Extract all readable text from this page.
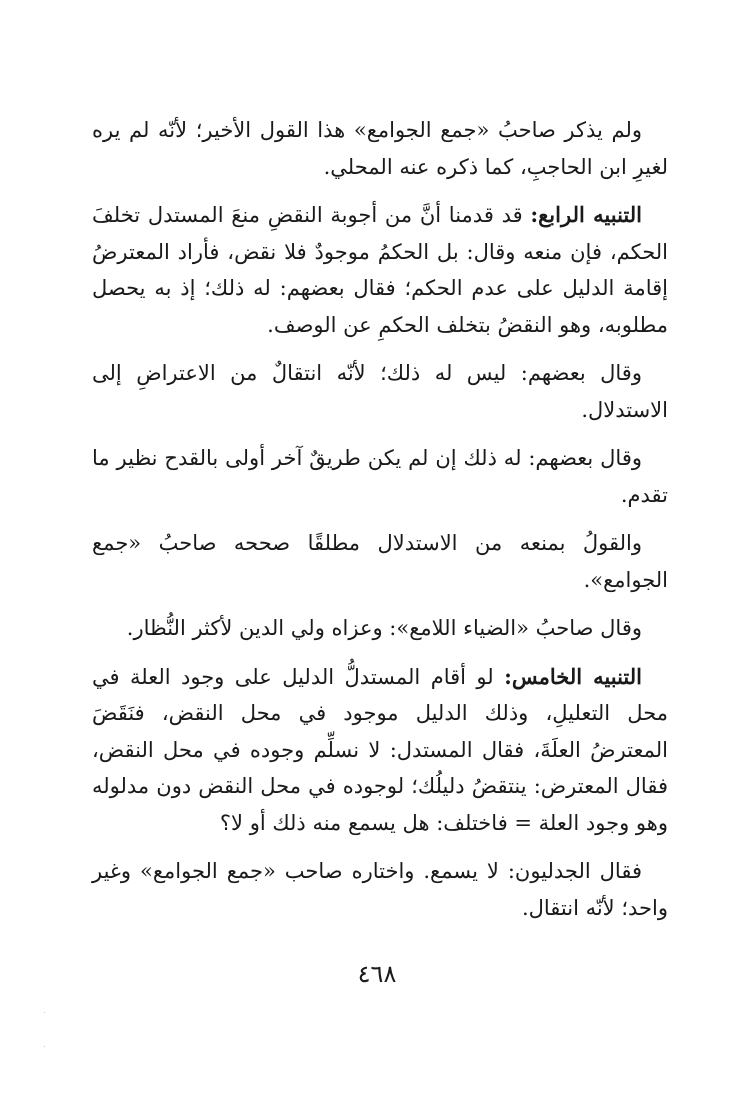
ولم يذكر صاحبُ «جمع الجوامع» هذا القول الأخير؛ لأنّه لم يره لغيرِ ابن الحاجبِ، كما ذكره عنه المحلي.

التنبيه الرابع: قد قدمنا أنَّ من أجوبة النقضِ منعَ المستدل تخلفَ الحكم، فإن منعه وقال: بل الحكمُ موجودٌ فلا نقض، فأراد المعترضُ إقامة الدليل على عدم الحكم؛ فقال بعضهم: له ذلك؛ إذ به يحصل مطلوبه، وهو النقضُ بتخلف الحكمِ عن الوصف.

وقال بعضهم: ليس له ذلك؛ لأنّه انتقالٌ من الاعتراضِ إلى الاستدلال.

وقال بعضهم: له ذلك إن لم يكن طريقٌ آخر أولى بالقدح نظير ما تقدم.

والقولُ بمنعه من الاستدلال مطلقًا صححه صاحبُ «جمع الجوامع».

وقال صاحبُ «الضياء اللامع»: وعزاه ولي الدين لأكثر النُّظار.

التنبيه الخامس: لو أقام المستدلُّ الدليل على وجود العلة في محل التعليلِ، وذلك الدليل موجود في محل النقض، فنَقَضَ المعترضُ العلَةَ، فقال المستدل: لا نسلِّم وجوده في محل النقض، فقال المعترض: ينتقضُ دليلُك؛ لوجوده في محل النقض دون مدلوله وهو وجود العلة = فاختلف: هل يسمع منه ذلك أو لا؟

فقال الجدليون: لا يسمع. واختاره صاحب «جمع الجوامع» وغير واحد؛ لأنّه انتقال.

٤٦٨
